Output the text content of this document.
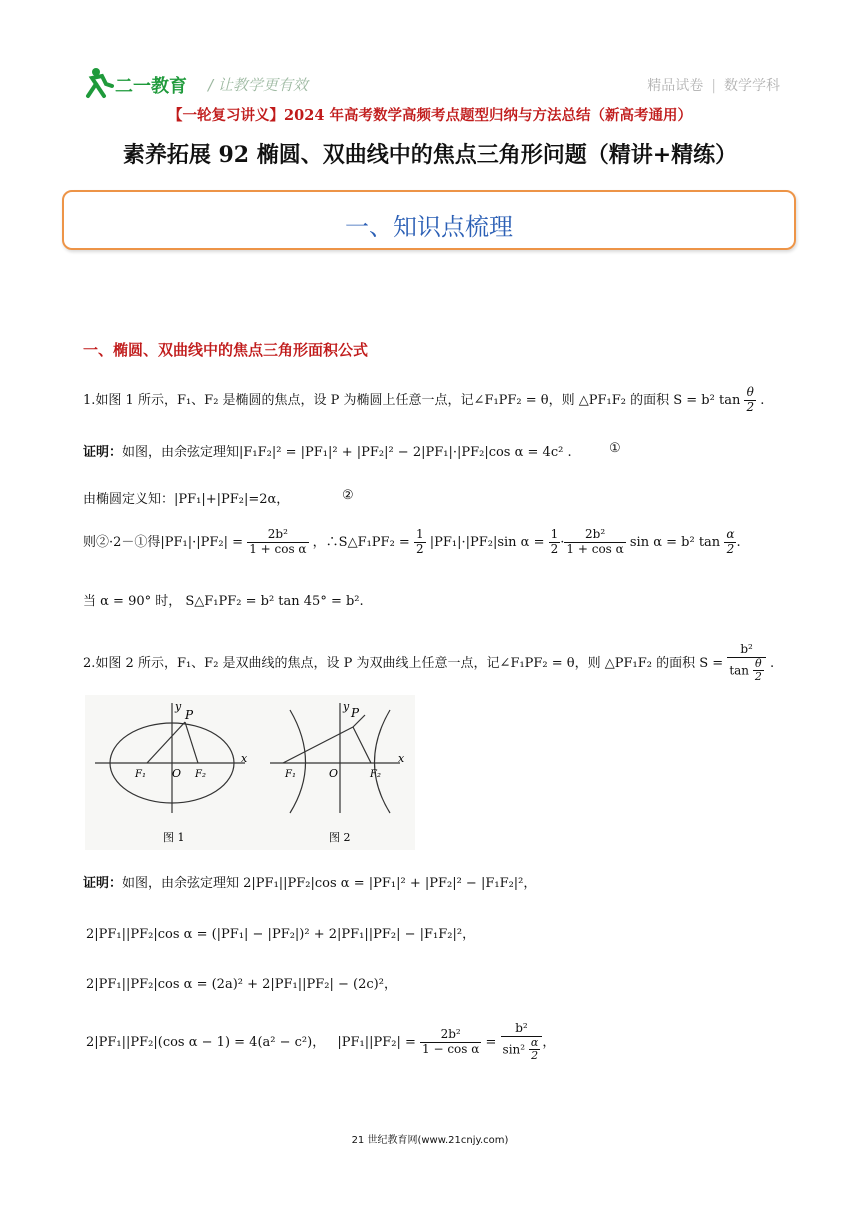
二一教育 / 让教学更有效	精品试卷 | 数学学科
【一轮复习讲义】2024 年高考数学高频考点题型归纳与方法总结（新高考通用）
素养拓展 92 椭圆、双曲线中的焦点三角形问题（精讲+精练）
一、知识点梳理
一、椭圆、双曲线中的焦点三角形面积公式
1.如图 1 所示，F₁、F₂ 是椭圆的焦点，设 P 为椭圆上任意一点，记∠F₁PF₂ = θ，则 △PF₁F₂ 的面积 S = b² $\tan \frac{\theta}{2}$ .
证明：如图，由余弦定理知|F₁F₂|² = |PF₁|² + |PF₂|² − 2|PF₁|·|PF₂|cos α = 4c² .	①
由椭圆定义知：|PF₁|+|PF₂|=2α，	②
则②·2－①得$|PF_1|\cdot|PF_2| = \frac{\text{2b²}}{\text{1 + cos α}}$ ，∴S△F₁PF₂ = $\frac{1}{2} |PF_1|\cdot|PF_2|\sin$ $\alpha = \frac{1}{2} \cdot \frac{\text{2b²}}{\text{1 + cos α}}$ sin α = b² $\tan \frac{\alpha}{2}$ .
当 α = 90° 时， S△F₁PF₂ = b² tan 45° = b².
2.如图 2 所示，F₁、F₂ 是双曲线的焦点，设 P 为双曲线上任意一点，记∠F₁PF₂ = θ，则 △PF₁F₂ 的面积 $S = \frac{\text{b²}}{\tan \frac{\theta}{2}}$ .
y
x
P
O
F₁	F₂
图 1
y
x
P
O
F₁	F₂
图 2
证明：如图，由余弦定理知 2|PF₁||PF₂|cos α = |PF₁|² + |PF₂|² − |F₁F₂|²，
2|PF₁||PF₂|cos α = (|PF₁| − |PF₂|)² + 2|PF₁||PF₂| − |F₁F₂|²，
2|PF₁||PF₂|cos α = (2a)² + 2|PF₁||PF₂| − (2c)²，
2|PF₁||PF₂|(cos α − 1) = 4(a² − c²)， $|PF_1||PF_2| = \frac{\text{2b²}}{\text{1 − cos α}} = \frac{\text{b²}}{\sin^2 \frac{\alpha}{2}}$ ，
21 世纪教育网(www.21cnjy.com)
